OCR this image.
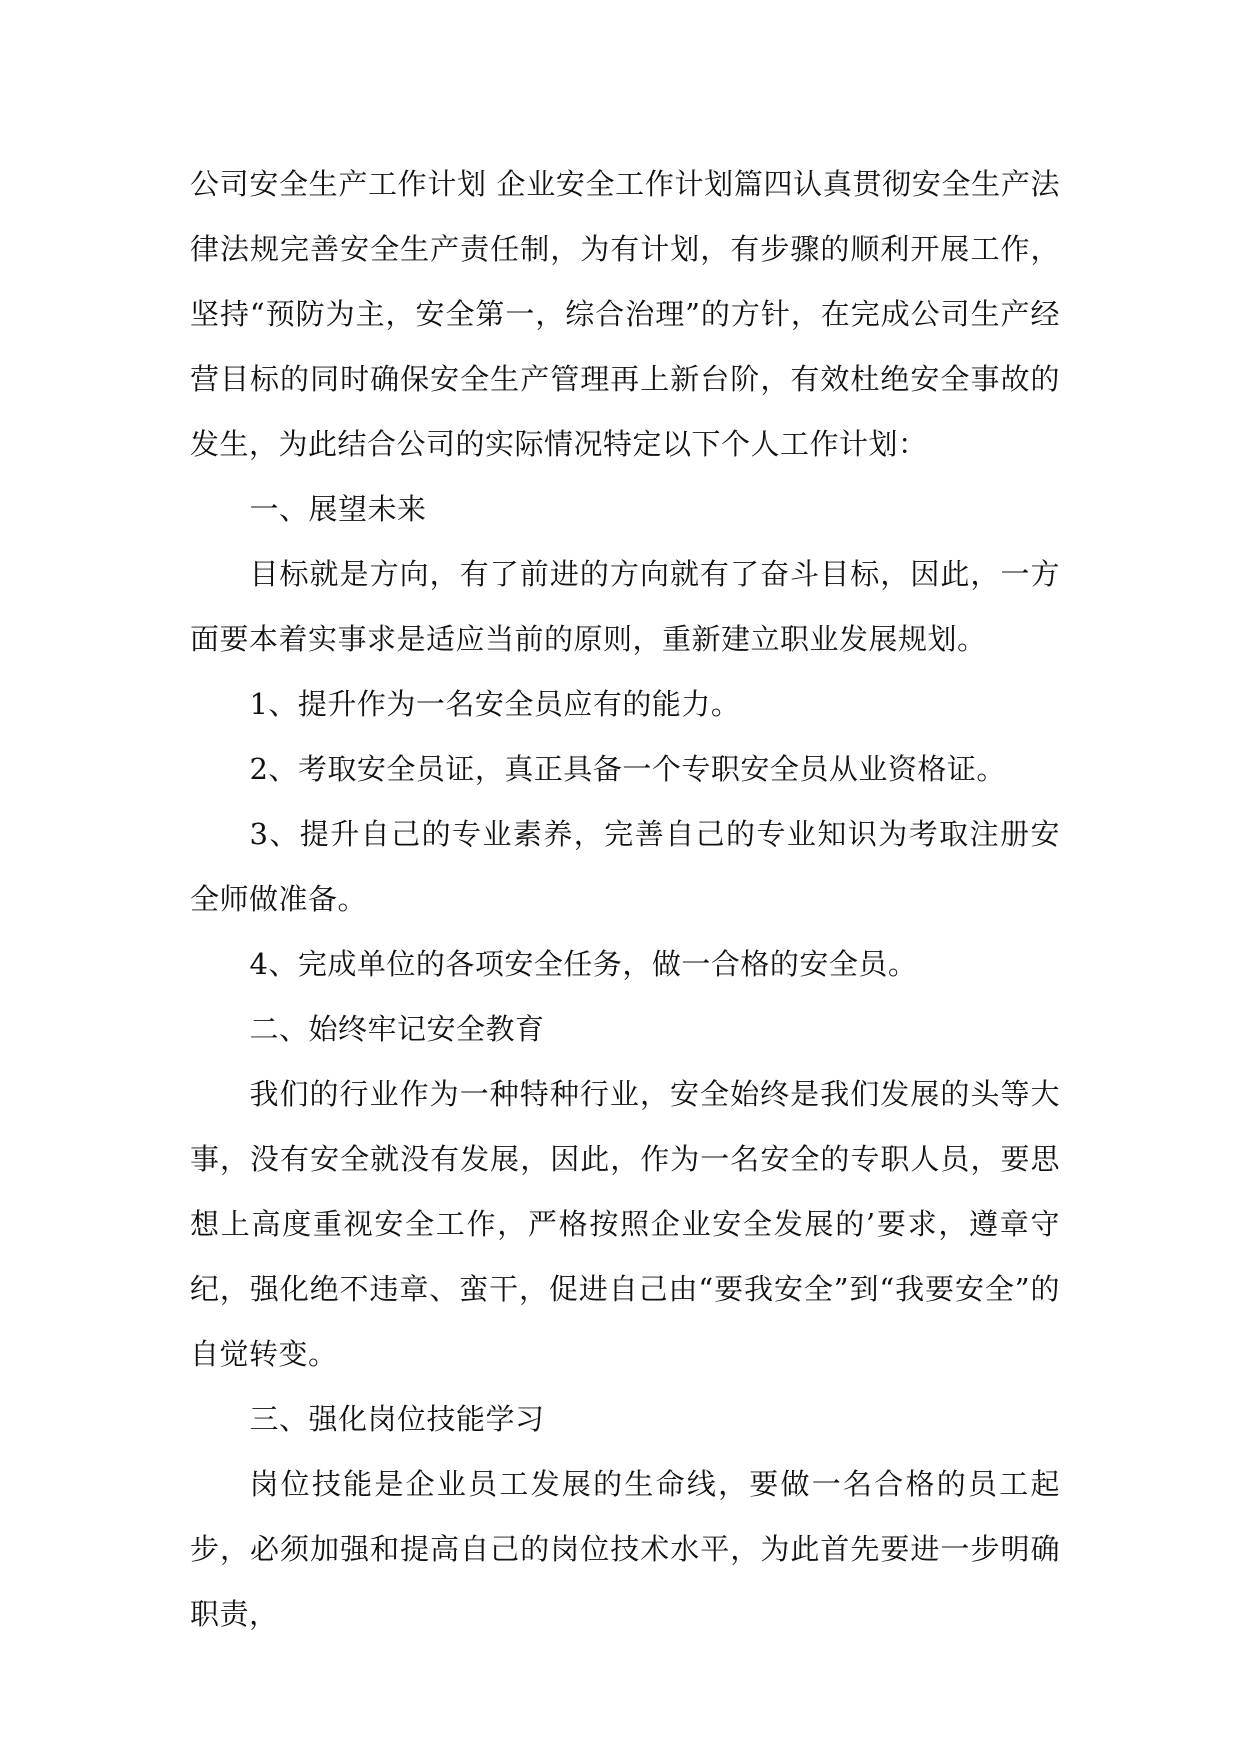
公司安全生产工作计划 企业安全工作计划篇四认真贯彻安全生产法律法规完善安全生产责任制，为有计划，有步骤的顺利开展工作，坚持“预防为主，安全第一，综合治理”的方针，在完成公司生产经营目标的同时确保安全生产管理再上新台阶，有效杜绝安全事故的发生，为此结合公司的实际情况特定以下个人工作计划：

一、展望未来

目标就是方向，有了前进的方向就有了奋斗目标，因此，一方面要本着实事求是适应当前的原则，重新建立职业发展规划。

1、提升作为一名安全员应有的能力。

2、考取安全员证，真正具备一个专职安全员从业资格证。

3、提升自己的专业素养，完善自己的专业知识为考取注册安全师做准备。

4、完成单位的各项安全任务，做一合格的安全员。

二、始终牢记安全教育

我们的行业作为一种特种行业，安全始终是我们发展的头等大事，没有安全就没有发展，因此，作为一名安全的专职人员，要思想上高度重视安全工作，严格按照企业安全发展的’要求，遵章守纪，强化绝不违章、蛮干，促进自己由“要我安全”到“我要安全”的自觉转变。

三、强化岗位技能学习

岗位技能是企业员工发展的生命线，要做一名合格的员工起步，必须加强和提高自己的岗位技术水平，为此首先要进一步明确职责，
